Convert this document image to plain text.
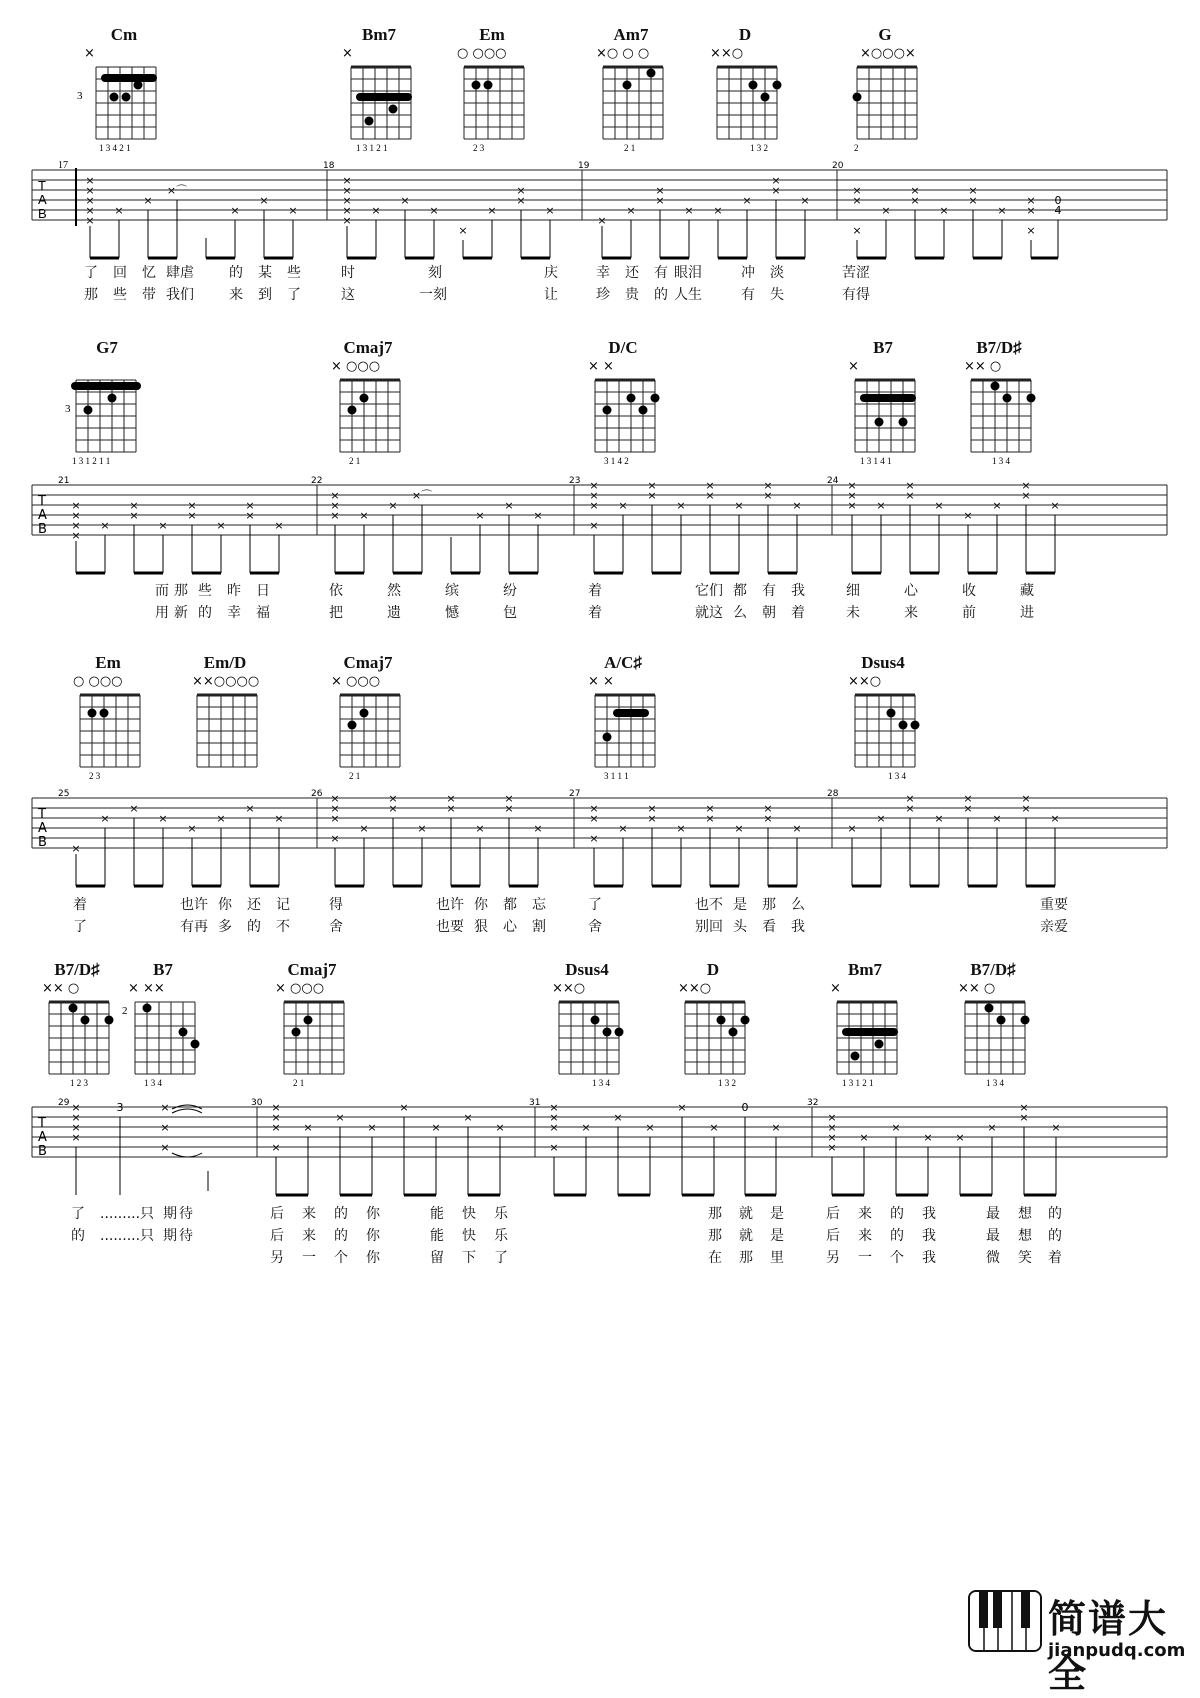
Cm
×
3
1 3 4 2 1
Bm7
×
1 3 1 2 1
Em
○ ○○○
2 3
Am7
×○ ○ ○
2 1
D
××○
1 3 2
G
×○○○×
2
T
A
B
17	18	19	20
×
×
×
×
×
×
×
×⌒
×
×
×
×
×
×
×
×
×
×
×
×
×
×
×
×
×
×
×
×
× ×
×
×
×
×
×
×
×
×
×
×
×
×
×
×
×
×
×
0
4
了 回 忆 肆虐	的 某 些	时	刻	庆	幸 还 有 眼泪	冲 淡	苦涩
那 些 带 我们	来 到 了	这	一刻	让	珍 贵 的 人生	有 失	有得
G7
3
1 3 1 2 1 1
Cmaj7
× ○○○
2 1
D/C
× ×
3 1 4 2
B7
×
1 3 1 4 1
B7/D♯
×× ○
1 3 4
T
A
B
21	22	23	24
×
×
×
×
×
×
×
×
×
×
×
×
×
×
×
×
× ×
×
×⌒
×
×
×
×
×
×
×
×
×
×
×
×
×
×
×
×
×
×
×
× ×
×
×
×
×
×
×
×
×
而 那 些 昨 日	依	然	缤	纷	着	它们 都 有 我	细	心	收	藏
用 新 的 幸 福	把	遗	憾	包	着	就这 么 朝 着	未	来	前	进
Em
○ ○○○
2 3
Em/D
××○○○○
Cmaj7
× ○○○
2 1
A/C♯
× ×
3 1 1 1
Dsus4
××○
1 3 4
T
A
B
25	26	27	28
×
×
×
×
×
×
×
×
×
×
×
×
×
×
×
×
×
×
×
×
×
×
×
×
×
×
×
×
×
×
×
×
×
×
×	×
×
×
×
×
×
×
×
×
×
×
着	也许 你 还 记	得	也许 你 都 忘	了	也不 是 那 么	重要
了	有再 多 的 不	舍	也要 狠 心 割	舍	别回 头 看 我	亲爱
B7/D♯
×× ○
1 2 3
B7
× ××
2
1 3 4
Cmaj7
× ○○○
2 1
Dsus4
××○
1 3 4
D
××○
1 3 2
Bm7
×
1 3 1 2 1
B7/D♯
×× ○
1 3 4
T
A
B
29	30	31	32
×
×
×
×
×
×
×
×
×
×
×
×
×
×
×
×
×
×
×
×
×
×
×
×
×
×
×	×
×
×
×
×
×
×
× ×
×
×
×
×
3	0
了 .........只 期 待	后 来 的 你	能 快 乐	那 就 是	后 来 的 我	最 想 的
的 .........只 期 待	后 来 的 你	能 快 乐	那 就 是	后 来 的 我	最 想 的
另 一 个 你	留 下 了	在 那 里	另 一 个 我	微 笑 着
简谱大全
jianpudq.com
